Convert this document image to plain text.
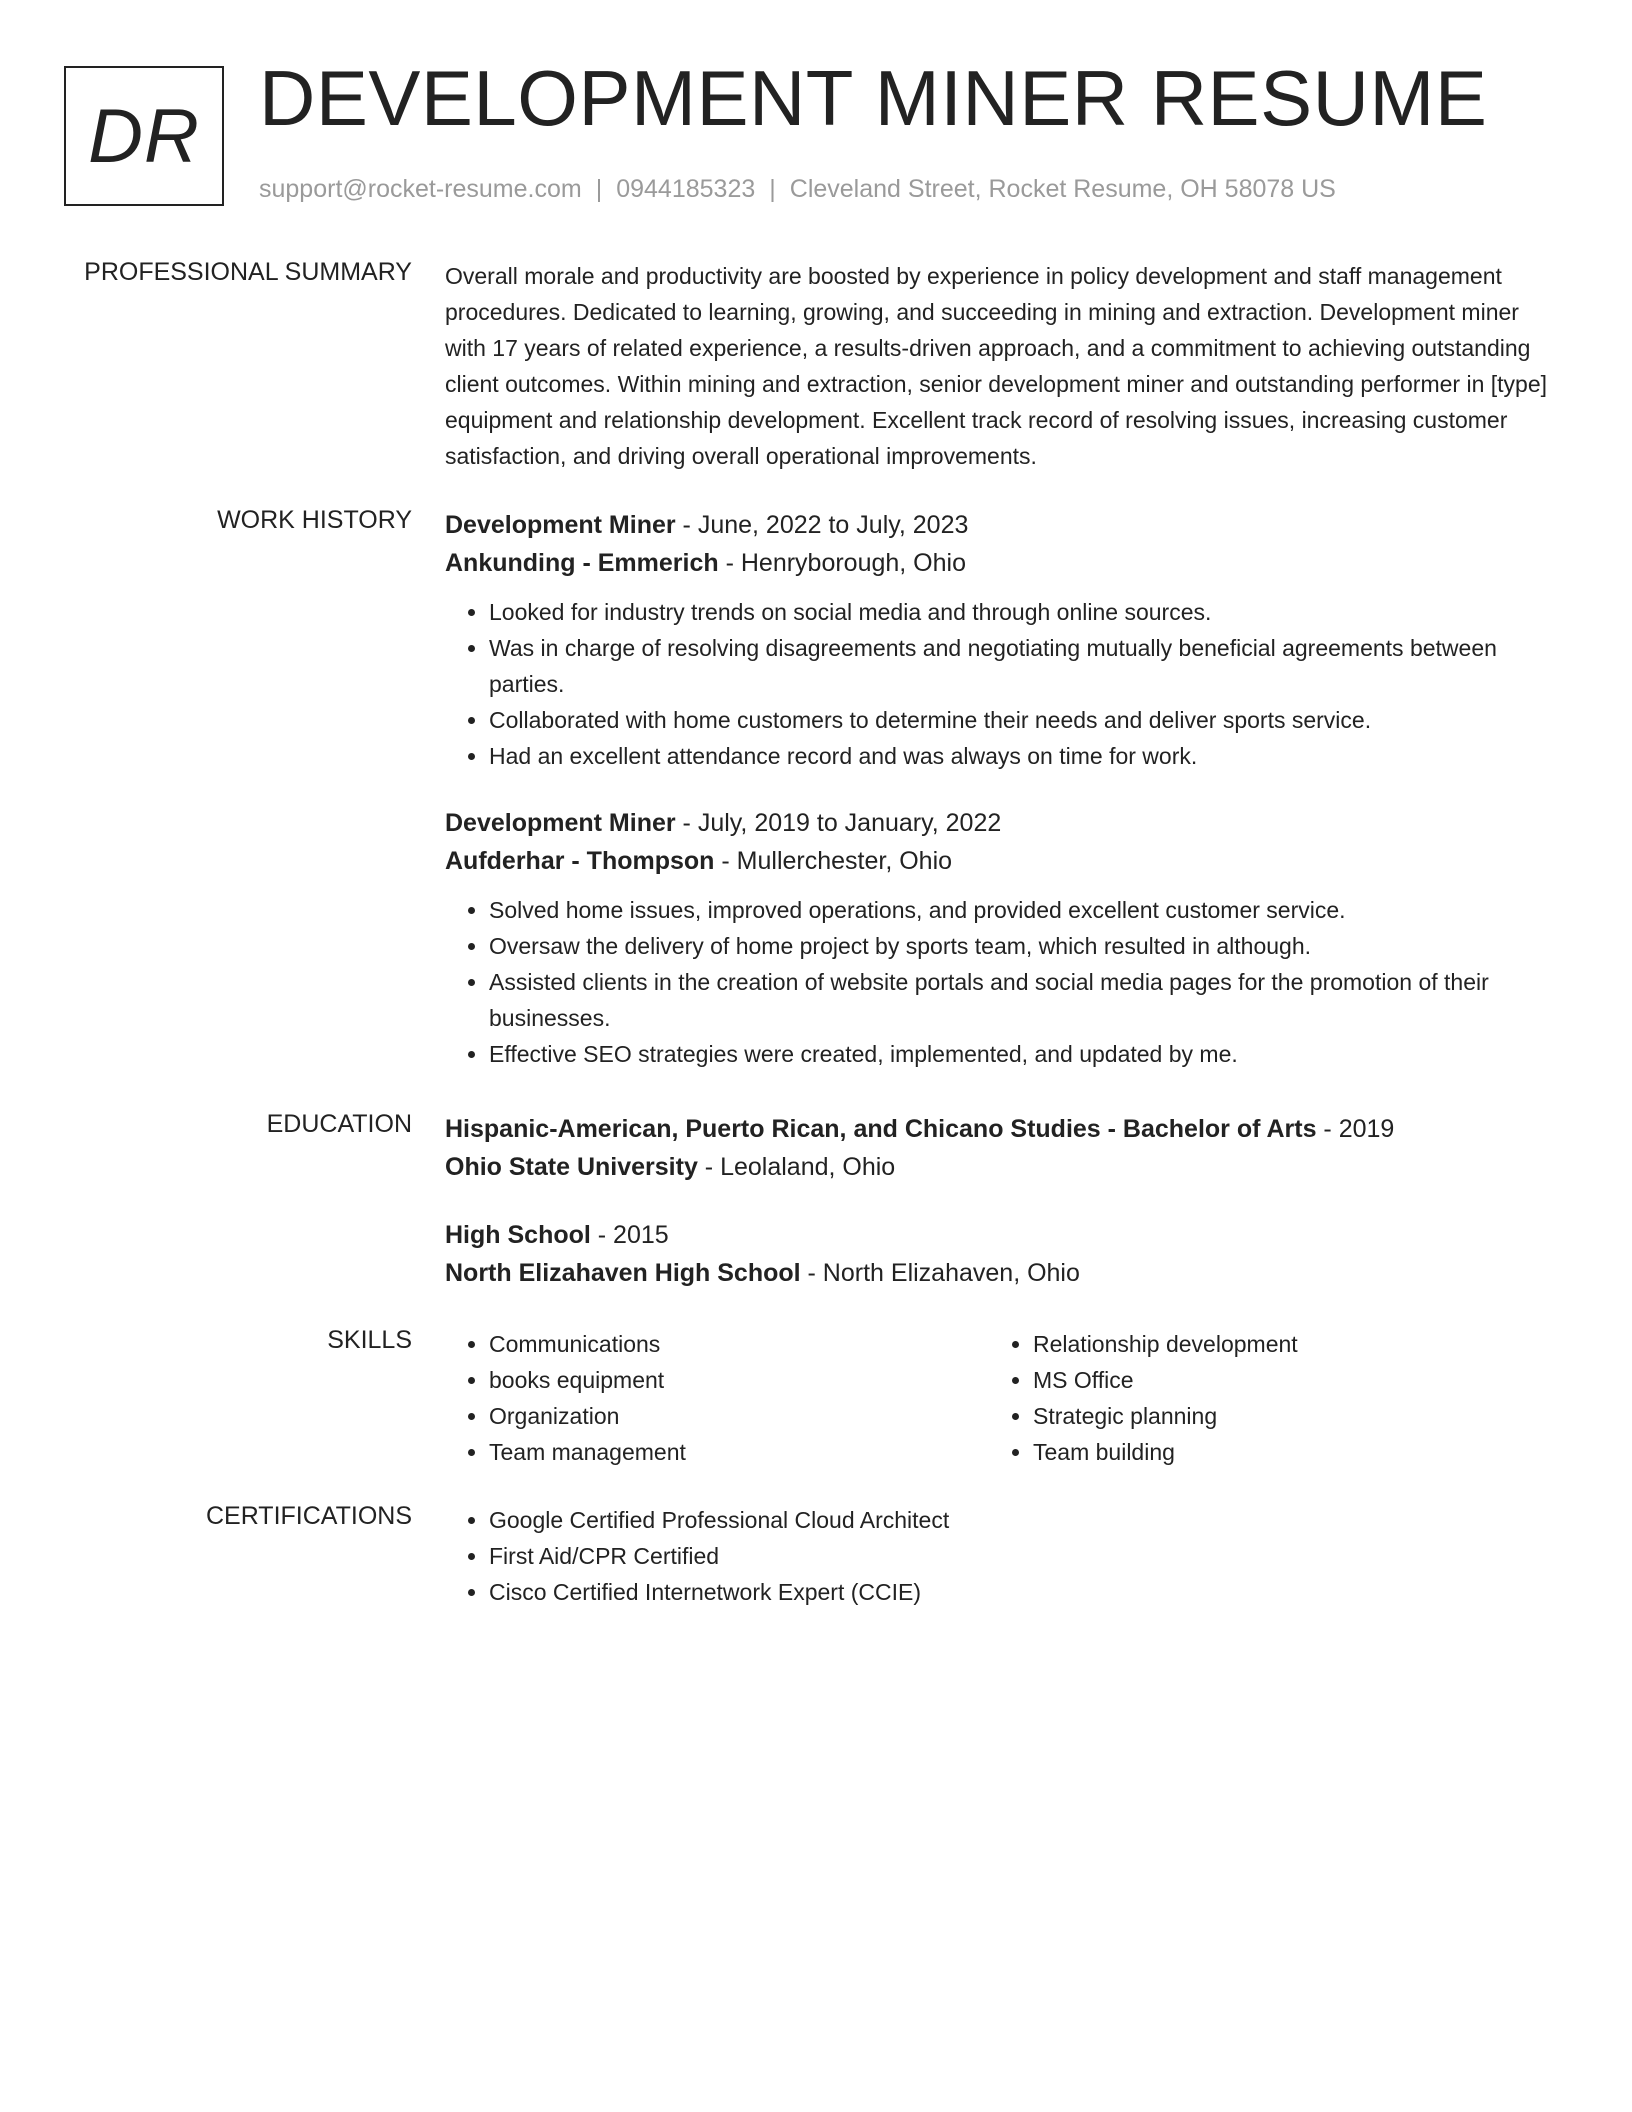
DR DEVELOPMENT MINER RESUME
support@rocket-resume.com | 0944185323 | Cleveland Street, Rocket Resume, OH 58078 US
PROFESSIONAL SUMMARY Overall morale and productivity are boosted by experience in policy development and staff management procedures. Dedicated to learning, growing, and succeeding in mining and extraction. Development miner with 17 years of related experience, a results-driven approach, and a commitment to achieving outstanding client outcomes. Within mining and extraction, senior development miner and outstanding performer in [type] equipment and relationship development. Excellent track record of resolving issues, increasing customer satisfaction, and driving overall operational improvements.

WORK HISTORY Development Miner - June, 2022 to July, 2023
Ankunding - Emmerich - Henryborough, Ohio
• Looked for industry trends on social media and through online sources.
• Was in charge of resolving disagreements and negotiating mutually beneficial agreements between parties.
• Collaborated with home customers to determine their needs and deliver sports service.
• Had an excellent attendance record and was always on time for work.
Development Miner - July, 2019 to January, 2022
Aufderhar - Thompson - Mullerchester, Ohio
• Solved home issues, improved operations, and provided excellent customer service.
• Oversaw the delivery of home project by sports team, which resulted in although.
• Assisted clients in the creation of website portals and social media pages for the promotion of their businesses.
• Effective SEO strategies were created, implemented, and updated by me.
EDUCATION Hispanic-American, Puerto Rican, and Chicano Studies - Bachelor of Arts - 2019
Ohio State University - Leolaland, Ohio
High School - 2015
North Elizahaven High School - North Elizahaven, Ohio
SKILLS	• Communications
• books equipment
• Organization
• Team management
• Relationship development
• MS Office
• Strategic planning
• Team building
CERTIFICATIONS	• Google Certified Professional Cloud Architect
• First Aid/CPR Certified
• Cisco Certified Internetwork Expert (CCIE)
